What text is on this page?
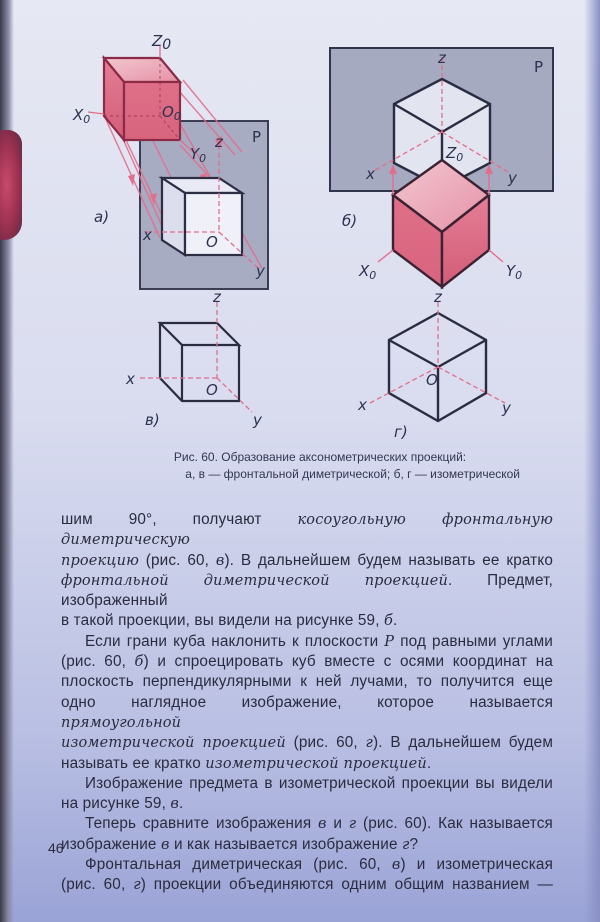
P
z
x	O
y
Z0
$X_0$	$O_0$
$Y_0$
а)
P
z
x	y
$Z_0$
$X_0$	$Y_0$
б)
z
x
O
y
в)
z
x
O
y
г)
Рис. 60. Образование аксонометрических проекций:
а, в — фронтальной диметрической; б, г — изометрической
шим 90°, получают косоугольную фронтальную диметрическую
проекцию (рис. 60, в). В дальнейшем будем называть ее кратко
фронтальной диметрической проекцией. Предмет, изображенный
в такой проекции, вы видели на рисунке 59, б.
Если грани куба наклонить к плоскости P под равными углами
(рис. 60, б) и спроецировать куб вместе с осями координат на
плоскость перпендикулярными к ней лучами, то получится еще
одно наглядное изображение, которое называется прямоугольной
изометрической проекцией (рис. 60, г). В дальнейшем будем
называть ее кратко изометрической проекцией.
Изображение предмета в изометрической проекции вы видели
на рисунке 59, в.
Теперь сравните изображения в и г (рис. 60). Как называется
изображение в и как называется изображение г?
Фронтальная диметрическая (рис. 60, в) и изометрическая
(рис. 60, г) проекции объединяются одним общим названием —
46
